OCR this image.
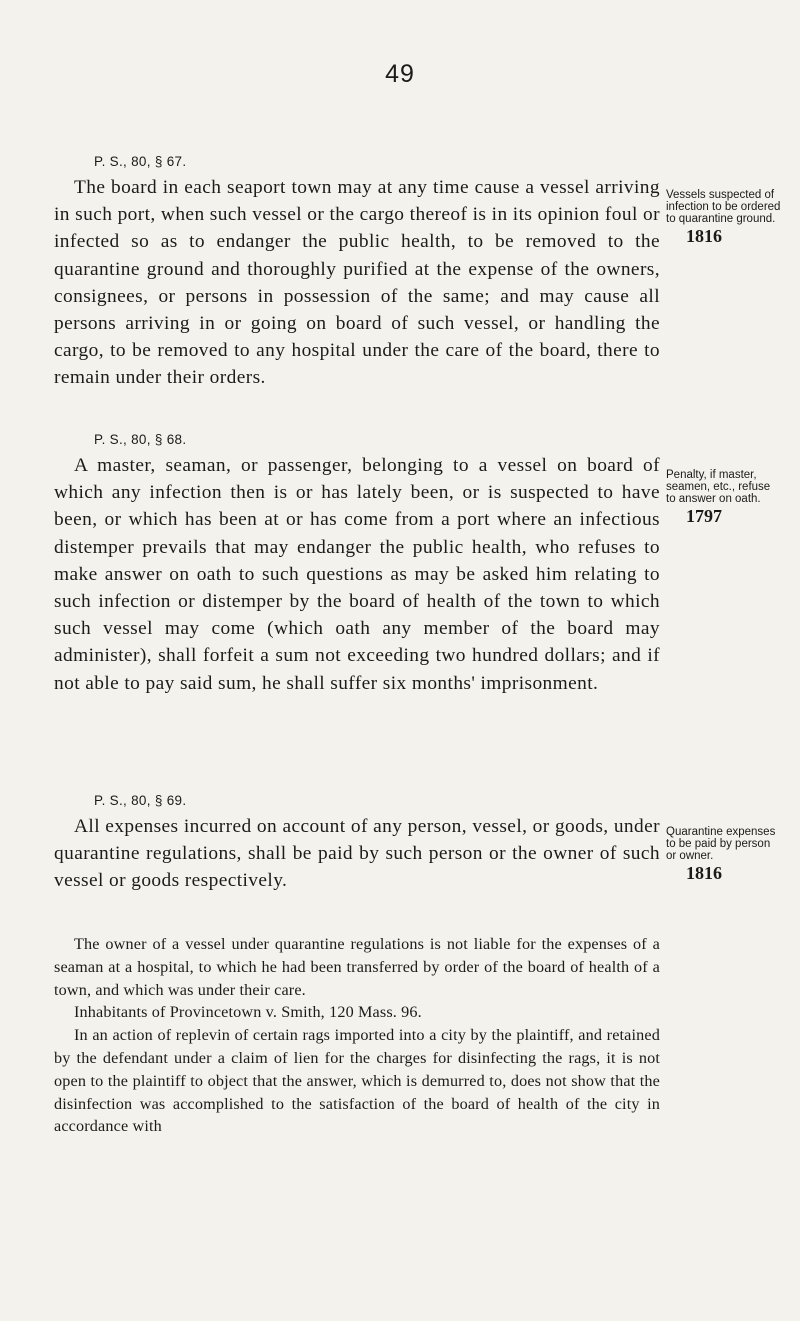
49
P. S., 80, § 67.
The board in each seaport town may at any time cause a vessel arriving in such port, when such vessel or the cargo thereof is in its opinion foul or infected so as to endanger the public health, to be removed to the quarantine ground and thoroughly purified at the expense of the owners, consignees, or persons in possession of the same; and may cause all persons arriving in or going on board of such vessel, or handling the cargo, to be removed to any hospital under the care of the board, there to remain under their orders.
Vessels suspected of infection to be ordered to quarantine ground.
1816
P. S., 80, § 68.
A master, seaman, or passenger, belonging to a vessel on board of which any infection then is or has lately been, or is suspected to have been, or which has been at or has come from a port where an infectious distemper prevails that may endanger the public health, who refuses to make answer on oath to such questions as may be asked him relating to such infection or distemper by the board of health of the town to which such vessel may come (which oath any member of the board may administer), shall forfeit a sum not exceeding two hundred dollars; and if not able to pay said sum, he shall suffer six months' imprisonment.
Penalty, if master, seamen, etc., refuse to answer on oath.
1797
P. S., 80, § 69.
All expenses incurred on account of any person, vessel, or goods, under quarantine regulations, shall be paid by such person or the owner of such vessel or goods respectively.
Quarantine expenses to be paid by person or owner.
1816

The owner of a vessel under quarantine regulations is not liable for the expenses of a seaman at a hospital, to which he had been transferred by order of the board of health of a town, and which was under their care.

Inhabitants of Provincetown v. Smith, 120 Mass. 96.

In an action of replevin of certain rags imported into a city by the plaintiff, and retained by the defendant under a claim of lien for the charges for disinfecting the rags, it is not open to the plaintiff to object that the answer, which is demurred to, does not show that the disinfection was accomplished to the satisfaction of the board of health of the city in accordance with
